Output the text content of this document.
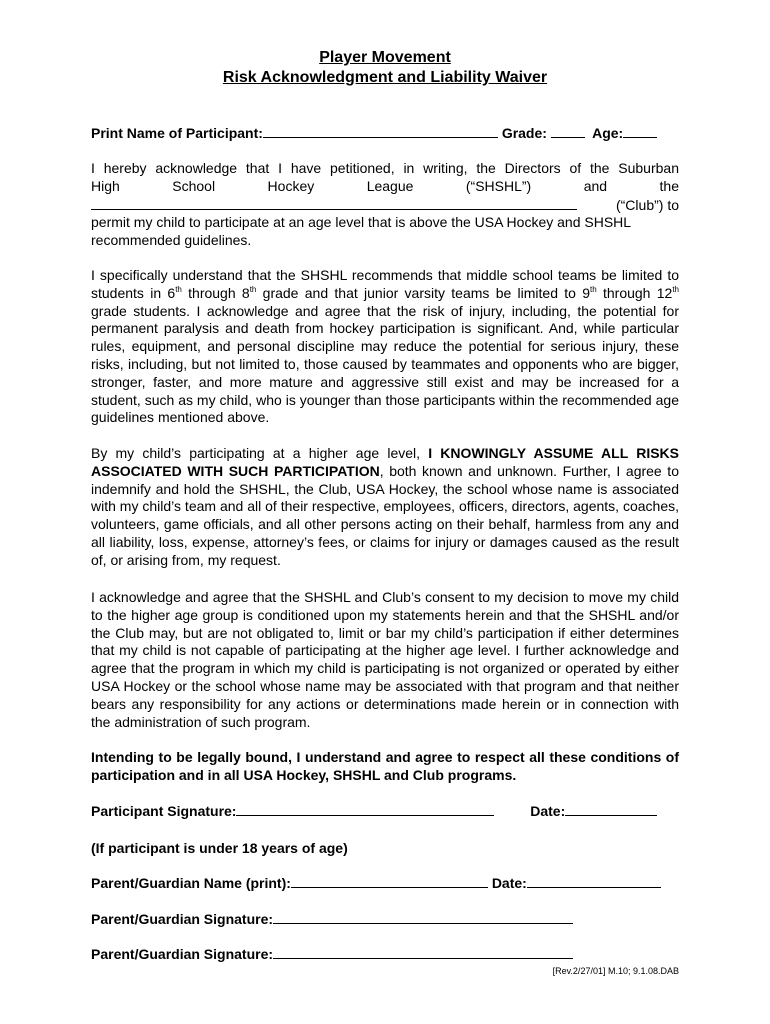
Player Movement
Risk Acknowledgment and Liability Waiver
Print Name of Participant:	Grade:	Age:
I hereby acknowledge that I have petitioned, in writing, the Directors of the Suburban
High School Hockey League (“SHSHL”) and the
(“Club”) to
permit my child to participate at an age level that is above the USA Hockey and SHSHL
recommended guidelines.
I specifically understand that the SHSHL recommends that middle school teams be limited to students in 6th through 8th grade and that junior varsity teams be limited to 9th through 12th grade students. I acknowledge and agree that the risk of injury, including, the potential for permanent paralysis and death from hockey participation is significant. And, while particular rules, equipment, and personal discipline may reduce the potential for serious injury, these risks, including, but not limited to, those caused by teammates and opponents who are bigger, stronger, faster, and more mature and aggressive still exist and may be increased for a student, such as my child, who is younger than those participants within the recommended age guidelines mentioned above.
By my child’s participating at a higher age level, I KNOWINGLY ASSUME ALL RISKS ASSOCIATED WITH SUCH PARTICIPATION, both known and unknown. Further, I agree to indemnify and hold the SHSHL, the Club, USA Hockey, the school whose name is associated with my child’s team and all of their respective, employees, officers, directors, agents, coaches, volunteers, game officials, and all other persons acting on their behalf, harmless from any and all liability, loss, expense, attorney’s fees, or claims for injury or damages caused as the result of, or arising from, my request.
I acknowledge and agree that the SHSHL and Club’s consent to my decision to move my child to the higher age group is conditioned upon my statements herein and that the SHSHL and/or the Club may, but are not obligated to, limit or bar my child’s participation if either determines that my child is not capable of participating at the higher age level. I further acknowledge and agree that the program in which my child is participating is not organized or operated by either USA Hockey or the school whose name may be associated with that program and that neither bears any responsibility for any actions or determinations made herein or in connection with the administration of such program.
Intending to be legally bound, I understand and agree to respect all these conditions of participation and in all USA Hockey, SHSHL and Club programs.
Participant Signature:	Date:
(If participant is under 18 years of age)
Parent/Guardian Name (print):	Date:
Parent/Guardian Signature:
Parent/Guardian Signature:
[Rev.2/27/01] M.10; 9.1.08.DAB
